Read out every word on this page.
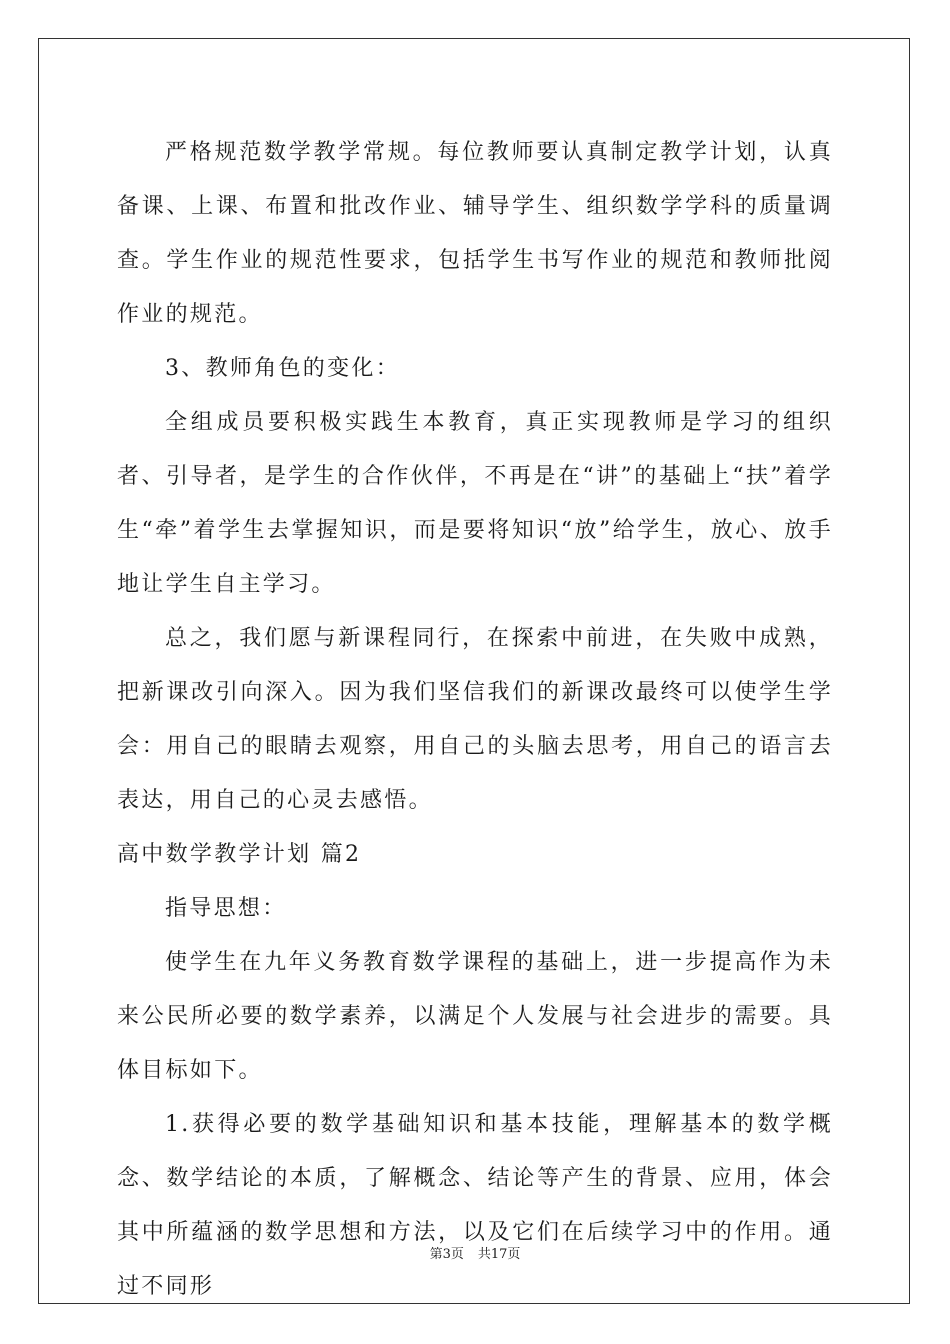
严格规范数学教学常规。每位教师要认真制定教学计划，认真备课、上课、布置和批改作业、辅导学生、组织数学学科的质量调查。学生作业的规范性要求，包括学生书写作业的规范和教师批阅作业的规范。

3、教师角色的变化：

全组成员要积极实践生本教育，真正实现教师是学习的组织者、引导者，是学生的合作伙伴，不再是在“讲”的基础上“扶”着学生“牵”着学生去掌握知识，而是要将知识“放”给学生，放心、放手地让学生自主学习。

总之，我们愿与新课程同行，在探索中前进，在失败中成熟，把新课改引向深入。因为我们坚信我们的新课改最终可以使学生学会：用自己的眼睛去观察，用自己的头脑去思考，用自己的语言去表达，用自己的心灵去感悟。

高中数学教学计划 篇2

指导思想：

使学生在九年义务教育数学课程的基础上，进一步提高作为未来公民所必要的数学素养，以满足个人发展与社会进步的需要。具体目标如下。

1.获得必要的数学基础知识和基本技能，理解基本的数学概念、数学结论的本质，了解概念、结论等产生的背景、应用，体会其中所蕴涵的数学思想和方法，以及它们在后续学习中的作用。通过不同形

第3页 共17页
